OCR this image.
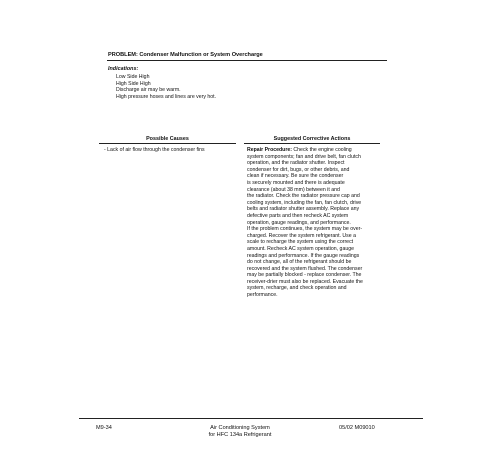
PROBLEM: Condenser Malfunction or System Overcharge
Indications:
Low Side High
High Side High
Discharge air may be warm.
High pressure hoses and lines are very hot.
Possible Causes	Suggested Corrective Actions
- Lack of air flow through the condenser fins	Repair Procedure: Check the engine cooling
system components; fan and drive belt, fan clutch
operation, and the radiator shutter. Inspect
condenser for dirt, bugs, or other debris, and
clean if necessary. Be sure the condenser
is securely mounted and there is adequate
clearance (about 38 mm) between it and
the radiator. Check the radiator pressure cap and
cooling system, including the fan, fan clutch, drive
belts and radiator shutter assembly. Replace any
defective parts and then recheck AC system
operation, gauge readings, and performance.
If the problem continues, the system may be over-
charged. Recover the system refrigerant. Use a
scale to recharge the system using the correct
amount. Recheck AC system operation, gauge
readings and performance. If the gauge readings
do not change, all of the refrigerant should be
recovered and the system flushed. The condenser
may be partially blocked - replace condenser. The
receiver-drier must also be replaced. Evacuate the
system, recharge, and check operation and
performance.
M9-34	Air Conditioning System
for HFC 134a Refrigerant
05/02 M09010
